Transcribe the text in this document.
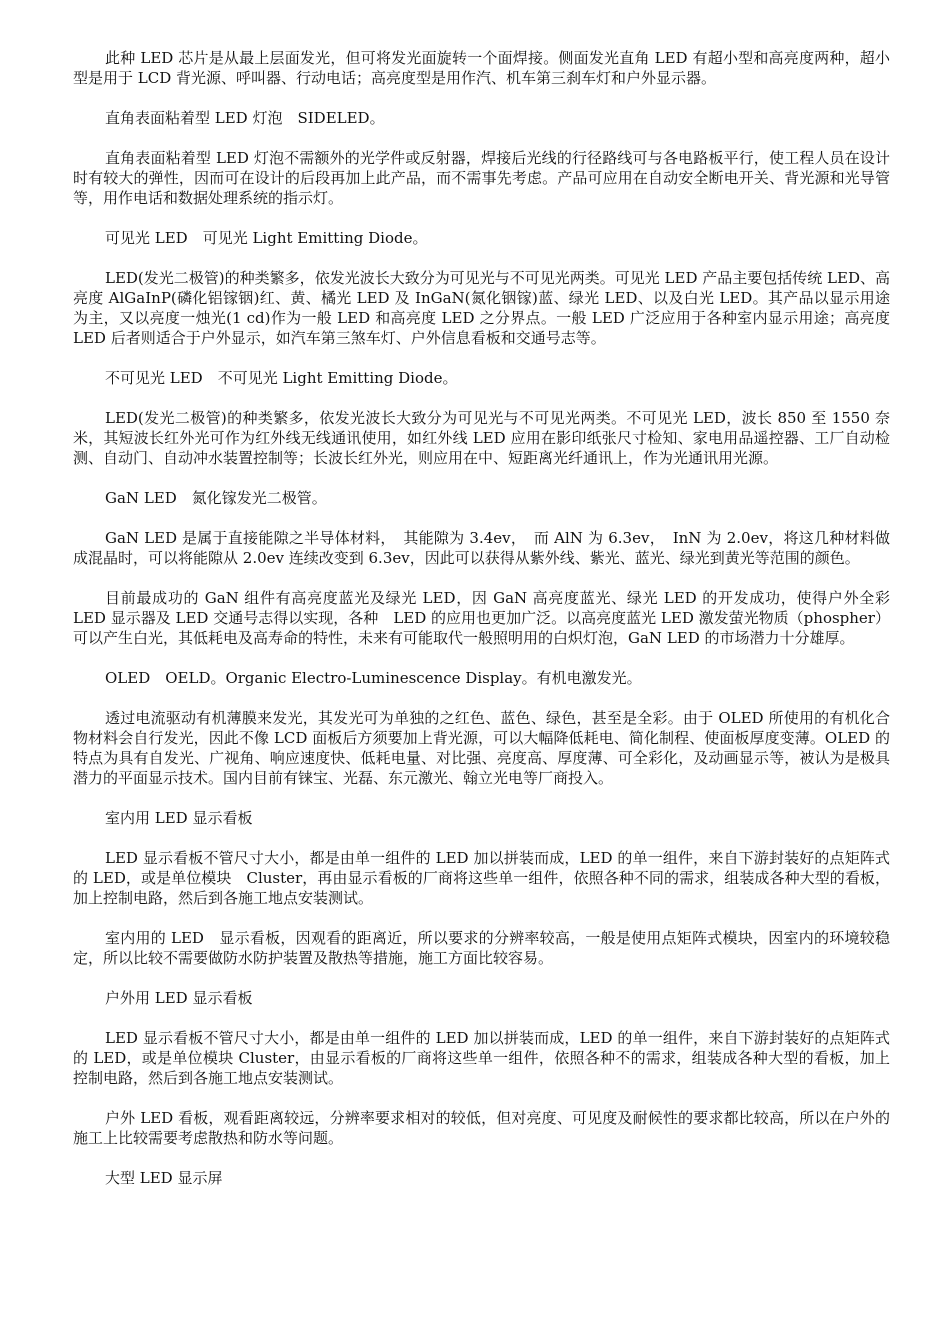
此种 LED 芯片是从最上层面发光，但可将发光面旋转一个面焊接。侧面发光直角 LED 有超小型和高亮度两种，超小型是用于 LCD 背光源、呼叫器、行动电话；高亮度型是用作汽、机车第三刹车灯和户外显示器。

直角表面粘着型 LED 灯泡　SIDELED。

直角表面粘着型 LED 灯泡不需额外的光学件或反射器，焊接后光线的行径路线可与各电路板平行，使工程人员在设计时有较大的弹性，因而可在设计的后段再加上此产品，而不需事先考虑。产品可应用在自动安全断电开关、背光源和光导管等，用作电话和数据处理系统的指示灯。

可见光 LED　可见光 Light Emitting Diode。

LED(发光二极管)的种类繁多，依发光波长大致分为可见光与不可见光两类。可见光 LED 产品主要包括传统 LED、高亮度 AlGaInP(磷化铝镓铟)红、黄、橘光 LED 及 InGaN(氮化铟镓)蓝、绿光 LED、以及白光 LED。其产品以显示用途为主，又以亮度一烛光(1 cd)作为一般 LED 和高亮度 LED 之分界点。一般 LED 广泛应用于各种室内显示用途；高亮度 LED 后者则适合于户外显示，如汽车第三煞车灯、户外信息看板和交通号志等。

不可见光 LED　不可见光 Light Emitting Diode。

LED(发光二极管)的种类繁多，依发光波长大致分为可见光与不可见光两类。不可见光 LED，波长 850 至 1550 奈米，其短波长红外光可作为红外线无线通讯使用，如红外线 LED 应用在影印纸张尺寸检知、家电用品遥控器、工厂自动检测、自动门、自动冲水装置控制等；长波长红外光，则应用在中、短距离光纤通讯上，作为光通讯用光源。

GaN LED　氮化镓发光二极管。

GaN LED 是属于直接能隙之半导体材料，　其能隙为 3.4ev，　而 AlN 为 6.3ev，　InN 为 2.0ev，将这几种材料做成混晶时，可以将能隙从 2.0ev 连续改变到 6.3ev，因此可以获得从紫外线、紫光、蓝光、绿光到黄光等范围的颜色。

目前最成功的 GaN 组件有高亮度蓝光及绿光 LED，因 GaN 高亮度蓝光、绿光 LED 的开发成功，使得户外全彩 LED 显示器及 LED 交通号志得以实现，各种　LED 的应用也更加广泛。以高亮度蓝光 LED 激发萤光物质（phospher）可以产生白光，其低耗电及高寿命的特性，未来有可能取代一般照明用的白炽灯泡，GaN LED 的市场潜力十分雄厚。

OLED　OELD。Organic Electro-Luminescence Display。有机电激发光。

透过电流驱动有机薄膜来发光，其发光可为单独的之红色、蓝色、绿色，甚至是全彩。由于 OLED 所使用的有机化合物材料会自行发光，因此不像 LCD 面板后方须要加上背光源，可以大幅降低耗电、简化制程、使面板厚度变薄。OLED 的特点为具有自发光、广视角、响应速度快、低耗电量、对比强、亮度高、厚度薄、可全彩化，及动画显示等，被认为是极具潜力的平面显示技术。国内目前有铼宝、光磊、东元激光、翰立光电等厂商投入。

室内用 LED 显示看板

LED 显示看板不管尺寸大小，都是由单一组件的 LED 加以拼装而成，LED 的单一组件，来自下游封装好的点矩阵式的 LED，或是单位模块　Cluster，再由显示看板的厂商将这些单一组件，依照各种不同的需求，组装成各种大型的看板，加上控制电路，然后到各施工地点安装测试。

室内用的 LED　显示看板，因观看的距离近，所以要求的分辨率较高，一般是使用点矩阵式模块，因室内的环境较稳定，所以比较不需要做防水防护装置及散热等措施，施工方面比较容易。

户外用 LED 显示看板

LED 显示看板不管尺寸大小，都是由单一组件的 LED 加以拼装而成，LED 的单一组件，来自下游封装好的点矩阵式的 LED，或是单位模块 Cluster，由显示看板的厂商将这些单一组件，依照各种不的需求，组装成各种大型的看板，加上控制电路，然后到各施工地点安装测试。

户外 LED 看板，观看距离较远，分辨率要求相对的较低，但对亮度、可见度及耐候性的要求都比较高，所以在户外的施工上比较需要考虑散热和防水等问题。

大型 LED 显示屏
